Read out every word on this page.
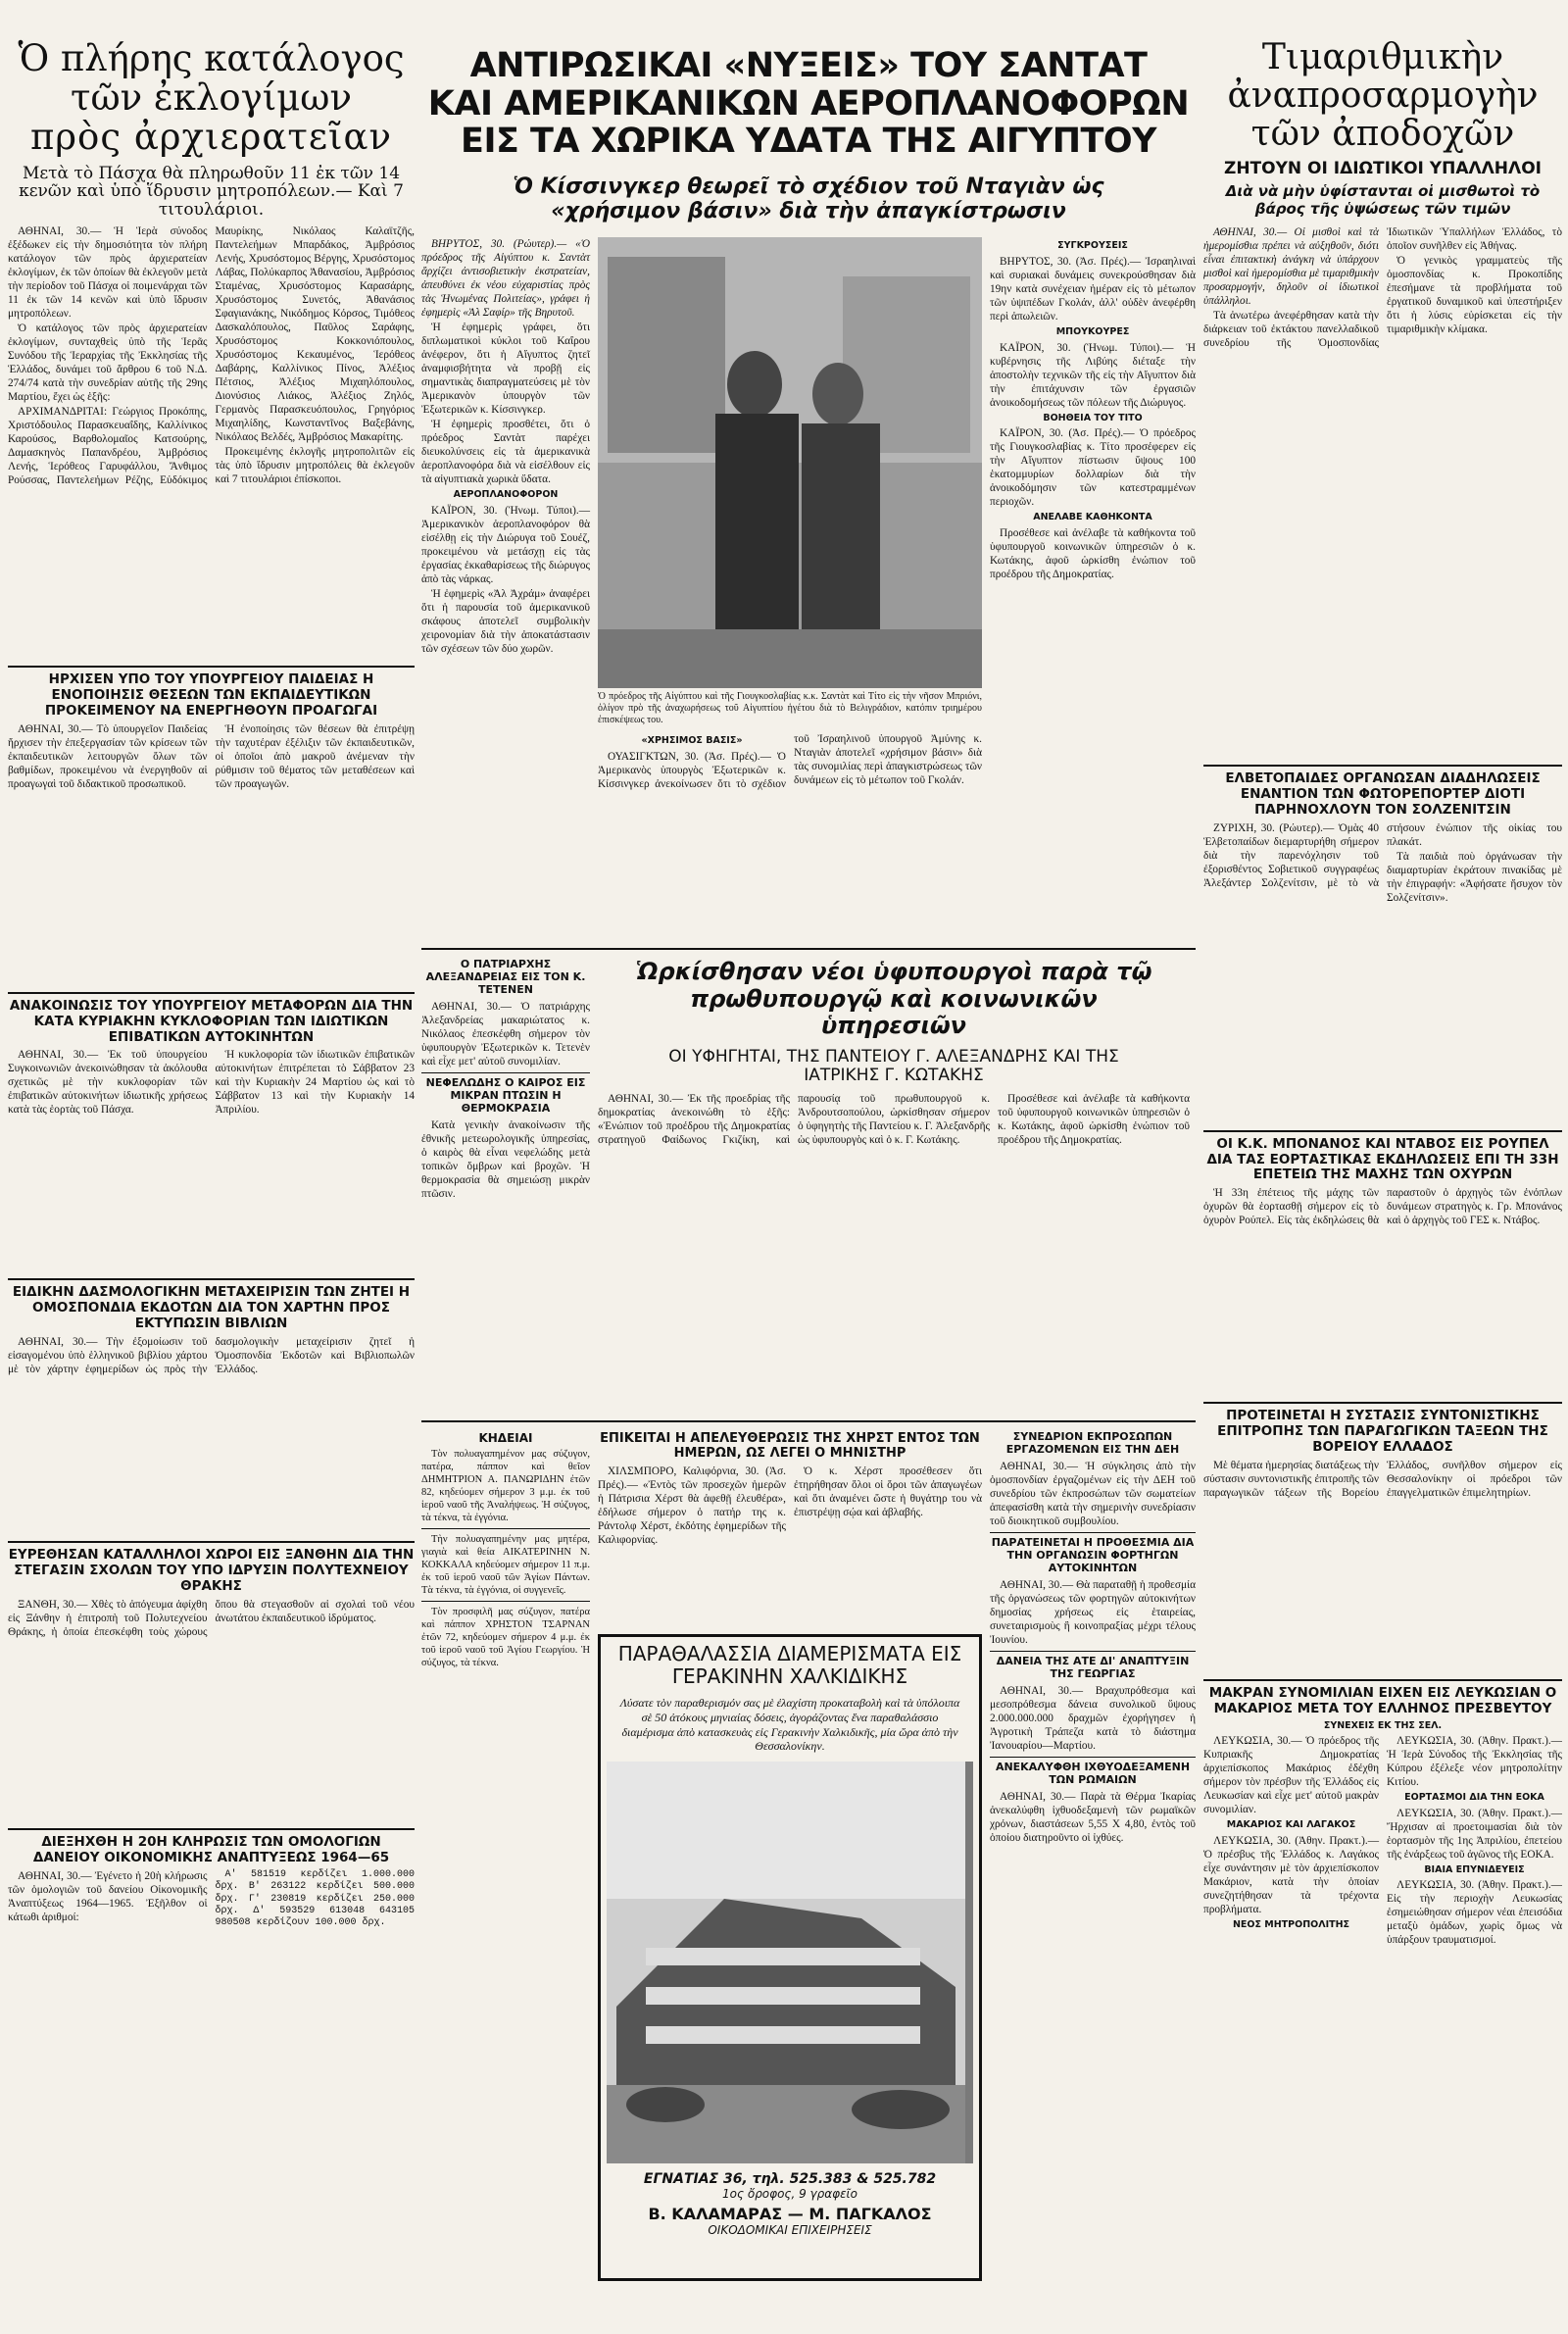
Ὁ πλήρης κατάλογος
τῶν ἐκλογίμων
πρὸς ἀρχιερατεῖαν
Μετὰ τὸ Πάσχα θὰ πληρωθοῦν 11 ἐκ τῶν 14 κενῶν καὶ ὑπὸ ἵδρυσιν μητροπόλεων.— Καὶ 7 τιτουλάριοι.

ΑΘΗΝΑΙ, 30.— Ἡ Ἱερὰ σύνοδος ἐξέδωκεν εἰς τὴν δημοσιότητα τὸν πλήρη κατάλογον τῶν πρὸς ἀρχιερατείαν ἐκλογίμων, ἐκ τῶν ὁποίων θὰ ἐκλεγοῦν μετὰ τὴν περίοδον τοῦ Πάσχα οἱ ποιμενάρχαι τῶν 11 ἐκ τῶν 14 κενῶν καὶ ὑπὸ ἵδρυσιν μητροπόλεων.

Ὁ κατάλογος τῶν πρὸς ἀρχιερατείαν ἐκλογίμων, συνταχθεὶς ὑπὸ τῆς Ἱερᾶς Συνόδου τῆς Ἱεραρχίας τῆς Ἐκκλησίας τῆς Ἑλλάδος, δυνάμει τοῦ ἄρθρου 6 τοῦ Ν.Δ. 274/74 κατὰ τὴν συνεδρίαν αὐτῆς τῆς 29ης Μαρτίου, ἔχει ὡς ἑξῆς:

ΑΡΧΙΜΑΝΔΡΙΤΑΙ: Γεώργιος Προκόπης, Χριστόδουλος Παρασκευαΐδης, Καλλίνικος Καρούσος, Βαρθολομαῖος Κατσούρης, Δαμασκηνὸς Παπανδρέου, Ἀμβρόσιος Λενής, Ἱερόθεος Γαρυφάλλου, Ἄνθιμος Ρούσσας, Παντελεήμων Ρέζης, Εὐδόκιμος Μαυρίκης, Νικόλαος Καλαϊτζῆς, Παντελεήμων Μπαρδάκος, Ἀμβρόσιος Λενής, Χρυσόστομος Βέργης, Χρυσόστομος Λάβας, Πολύκαρπος Ἀθανασίου, Ἀμβρόσιος Σταμένας, Χρυσόστομος Καρασάρης, Χρυσόστομος Συνετός, Ἀθανάσιος Σφαγιανάκης, Νικόδημος Κόρσος, Τιμόθεος Δασκαλόπουλος, Παῦλος Σαράφης, Χρυσόστομος Κοκκονιόπουλος, Χρυσόστομος Κεκαυμένος, Ἱερόθεος Δαβάρης, Καλλίνικος Πίνος, Ἀλέξιος Πέτσιος, Ἀλέξιος Μιχαηλόπουλος, Διονύσιος Λιάκος, Ἀλέξιος Ζηλός, Γερμανὸς Παρασκευόπουλος, Γρηγόριος Μιχαηλίδης, Κωνσταντῖνος Βαξεβάνης, Νικόλαος Βελδές, Ἀμβρόσιος Μακαρίτης.

Προκειμένης ἐκλογῆς μητροπολιτῶν εἰς τὰς ὑπὸ ἵδρυσιν μητροπόλεις θὰ ἐκλεγοῦν καὶ 7 τιτουλάριοι ἐπίσκοποι.

ΗΡΧΙΣΕΝ ΥΠΟ ΤΟΥ ΥΠΟΥΡΓΕΙΟΥ ΠΑΙΔΕΙΑΣ Η ΕΝΟΠΟΙΗΣΙΣ ΘΕΣΕΩΝ ΤΩΝ ΕΚΠΑΙΔΕΥΤΙΚΩΝ ΠΡΟΚΕΙΜΕΝΟΥ ΝΑ ΕΝΕΡΓΗΘΟΥΝ ΠΡΟΑΓΩΓΑΙ

ΑΘΗΝΑΙ, 30.— Τὸ ὑπουργεῖον Παιδείας ἤρχισεν τὴν ἐπεξεργασίαν τῶν κρίσεων τῶν ἐκπαιδευτικῶν λειτουργῶν ὅλων τῶν βαθμίδων, προκειμένου νὰ ἐνεργηθοῦν αἱ προαγωγαὶ τοῦ διδακτικοῦ προσωπικοῦ.

Ἡ ἐνοποίησις τῶν θέσεων θὰ ἐπιτρέψῃ τὴν ταχυτέραν ἐξέλιξιν τῶν ἐκπαιδευτικῶν, οἱ ὁποῖοι ἀπὸ μακροῦ ἀνέμεναν τὴν ρύθμισιν τοῦ θέματος τῶν μεταθέσεων καὶ τῶν προαγωγῶν.

ΑΝΑΚΟΙΝΩΣΙΣ ΤΟΥ ΥΠΟΥΡΓΕΙΟΥ ΜΕΤΑΦΟΡΩΝ ΔΙΑ ΤΗΝ ΚΑΤΑ ΚΥΡΙΑΚΗΝ ΚΥΚΛΟΦΟΡΙΑΝ ΤΩΝ ΙΔΙΩΤΙΚΩΝ ΕΠΙΒΑΤΙΚΩΝ ΑΥΤΟΚΙΝΗΤΩΝ

ΑΘΗΝΑΙ, 30.— Ἐκ τοῦ ὑπουργείου Συγκοινωνιῶν ἀνεκοινώθησαν τὰ ἀκόλουθα σχετικῶς μὲ τὴν κυκλοφορίαν τῶν ἐπιβατικῶν αὐτοκινήτων ἰδιωτικῆς χρήσεως κατὰ τὰς ἑορτὰς τοῦ Πάσχα.

Ἡ κυκλοφορία τῶν ἰδιωτικῶν ἐπιβατικῶν αὐτοκινήτων ἐπιτρέπεται τὸ Σάββατον 23 καὶ τὴν Κυριακὴν 24 Μαρτίου ὡς καὶ τὸ Σάββατον 13 καὶ τὴν Κυριακὴν 14 Ἀπριλίου.

ΕΙΔΙΚΗΝ ΔΑΣΜΟΛΟΓΙΚΗΝ ΜΕΤΑΧΕΙΡΙΣΙΝ ΤΩΝ ΖΗΤΕΙ Η ΟΜΟΣΠΟΝΔΙΑ ΕΚΔΟΤΩΝ ΔΙΑ ΤΟΝ ΧΑΡΤΗΝ ΠΡΟΣ ΕΚΤΥΠΩΣΙΝ ΒΙΒΛΙΩΝ

ΑΘΗΝΑΙ, 30.— Τὴν ἐξομοίωσιν τοῦ εἰσαγομένου ὑπὸ ἑλληνικοῦ βιβλίου χάρτου μὲ τὸν χάρτην ἐφημερίδων ὡς πρὸς τὴν δασμολογικὴν μεταχείρισιν ζητεῖ ἡ Ὁμοσπονδία Ἐκδοτῶν καὶ Βιβλιοπωλῶν Ἑλλάδος.

ΕΥΡΕΘΗΣΑΝ ΚΑΤΑΛΛΗΛΟΙ ΧΩΡΟΙ ΕΙΣ ΞΑΝΘΗΝ ΔΙΑ ΤΗΝ ΣΤΕΓΑΣΙΝ ΣΧΟΛΩΝ ΤΟΥ ΥΠΟ ΙΔΡΥΣΙΝ ΠΟΛΥΤΕΧΝΕΙΟΥ ΘΡΑΚΗΣ

ΞΑΝΘΗ, 30.— Χθὲς τὸ ἀπόγευμα ἀφίχθη εἰς Ξάνθην ἡ ἐπιτροπὴ τοῦ Πολυτεχνείου Θράκης, ἡ ὁποία ἐπεσκέφθη τοὺς χώρους ὅπου θὰ στεγασθοῦν αἱ σχολαὶ τοῦ νέου ἀνωτάτου ἐκπαιδευτικοῦ ἱδρύματος.

ΔΙΕΞΗΧΘΗ Η 20Η ΚΛΗΡΩΣΙΣ ΤΩΝ ΟΜΟΛΟΓΙΩΝ ΔΑΝΕΙΟΥ ΟΙΚΟΝΟΜΙΚΗΣ ΑΝΑΠΤΥΞΕΩΣ 1964—65

ΑΘΗΝΑΙ, 30.— Ἐγένετο ἡ 20ὴ κλήρωσις τῶν ὁμολογιῶν τοῦ δανείου Οἰκονομικῆς Ἀναπτύξεως 1964—1965. Ἐξῆλθον οἱ κάτωθι ἀριθμοί:

Α' 581519 κερδίζει 1.000.000 δρχ. Β' 263122 κερδίζει 500.000 δρχ. Γ' 230819 κερδίζει 250.000 δρχ. Δ' 593529 613048 643105 980508 κερδίζουν 100.000 δρχ.

ΑΝΤΙΡΩΣΙΚΑΙ «ΝΥΞΕΙΣ» ΤΟΥ ΣΑΝΤΑΤ
ΚΑΙ ΑΜΕΡΙΚΑΝΙΚΩΝ ΑΕΡΟΠΛΑΝΟΦΟΡΩΝ
ΕΙΣ ΤΑ ΧΩΡΙΚΑ ΥΔΑΤΑ ΤΗΣ ΑΙΓΥΠΤΟΥ
Ὁ Κίσσινγκερ θεωρεῖ τὸ σχέδιον τοῦ Νταγιὰν ὡς «χρήσιμον βάσιν» διὰ τὴν ἀπαγκίστρωσιν

ΒΗΡΥΤΟΣ, 30. (Ρώυτερ).— «Ὁ πρόεδρος τῆς Αἰγύπτου κ. Σαντὰτ ἄρχίζει ἀντισοβιετικὴν ἐκστρατείαν, ἀπευθύνει ἐκ νέου εὐχαριστίας πρὸς τὰς Ἡνωμένας Πολιτείας», γράφει ἡ ἐφημερὶς «Ἀλ Σαφίρ» τῆς Βηρυτοῦ.

Ἡ ἐφημερὶς γράφει, ὅτι διπλωματικοὶ κύκλοι τοῦ Καΐρου ἀνέφερον, ὅτι ἡ Αἴγυπτος ζητεῖ ἀναμφισβήτητα νὰ προβῇ εἰς σημαντικὰς διαπραγματεύσεις μὲ τὸν Ἀμερικανὸν ὑπουργὸν τῶν Ἐξωτερικῶν κ. Κίσσινγκερ.

Ἡ ἐφημερὶς προσθέτει, ὅτι ὁ πρόεδρος Σαντὰτ παρέχει διευκολύνσεις εἰς τὰ ἀμερικανικὰ ἀεροπλανοφόρα διὰ νὰ εἰσέλθουν εἰς τὰ αἰγυπτιακὰ χωρικὰ ὕδατα.

ΑΕΡΟΠΛΑΝΟΦΟΡΟΝ

ΚΑΪΡΟΝ, 30. (Ἡνωμ. Τύποι).— Ἀμερικανικὸν ἀεροπλανοφόρον θὰ εἰσέλθῃ εἰς τὴν Διώρυγα τοῦ Σουέζ, προκειμένου νὰ μετάσχῃ εἰς τὰς ἐργασίας ἐκκαθαρίσεως τῆς διώρυγος ἀπὸ τὰς νάρκας.

Ἡ ἐφημερὶς «Ἀλ Ἀχράμ» ἀναφέρει ὅτι ἡ παρουσία τοῦ ἀμερικανικοῦ σκάφους ἀποτελεῖ συμβολικὴν χειρονομίαν διὰ τὴν ἀποκατάστασιν τῶν σχέσεων τῶν δύο χωρῶν.

Ὁ πρόεδρος τῆς Αἰγύπτου καὶ τῆς Γιουγκοσλαβίας κ.κ. Σαντὰτ καὶ Τίτο εἰς τὴν νῆσον Μπριόνι, ὀλίγον πρὸ τῆς ἀναχωρήσεως τοῦ Αἰγυπτίου ἡγέτου διὰ τὸ Βελιγράδιον, κατόπιν τριημέρου ἐπισκέψεως του.
«ΧΡΗΣΙΜΟΣ ΒΑΣΙΣ»

ΟΥΑΣΙΓΚΤΩΝ, 30. (Ἀσ. Πρές).— Ὁ Ἀμερικανὸς ὑπουργὸς Ἐξωτερικῶν κ. Κίσσινγκερ ἀνεκοίνωσεν ὅτι τὸ σχέδιον τοῦ Ἰσραηλινοῦ ὑπουργοῦ Ἀμύνης κ. Νταγιὰν ἀποτελεῖ «χρήσιμον βάσιν» διὰ τὰς συνομιλίας περὶ ἀπαγκιστρώσεως τῶν δυνάμεων εἰς τὸ μέτωπον τοῦ Γκολάν.

ΣΥΓΚΡΟΥΣΕΙΣ

ΒΗΡΥΤΟΣ, 30. (Ἀσ. Πρές).— Ἰσραηλιναὶ καὶ συριακαὶ δυνάμεις συνεκρούσθησαν διὰ 19ην κατὰ συνέχειαν ἡμέραν εἰς τὸ μέτωπον τῶν ὑψιπέδων Γκολάν, ἀλλ' οὐδὲν ἀνεφέρθη περὶ ἀπωλειῶν.

ΜΠΟΥΚΟΥΡΕΣ

ΚΑΪΡΟΝ, 30. (Ἡνωμ. Τύποι).— Ἡ κυβέρνησις τῆς Λιβύης διέταξε τὴν ἀποστολὴν τεχνικῶν τῆς εἰς τὴν Αἴγυπτον διὰ τὴν ἐπιτάχυνσιν τῶν ἐργασιῶν ἀνοικοδομήσεως τῶν πόλεων τῆς Διώρυγος.

ΒΟΗΘΕΙΑ ΤΟΥ ΤΙΤΟ

ΚΑΪΡΟΝ, 30. (Ἀσ. Πρές).— Ὁ πρόεδρος τῆς Γιουγκοσλαβίας κ. Τίτο προσέφερεν εἰς τὴν Αἴγυπτον πίστωσιν ὕψους 100 ἑκατομμυρίων δολλαρίων διὰ τὴν ἀνοικοδόμησιν τῶν κατεστραμμένων περιοχῶν.

ΑΝΕΛΑΒΕ ΚΑΘΗΚΟΝΤΑ

Προσέθεσε καὶ ἀνέλαβε τὰ καθήκοντα τοῦ ὑφυπουργοῦ κοινωνικῶν ὑπηρεσιῶν ὁ κ. Κωτάκης, ἀφοῦ ὡρκίσθη ἐνώπιον τοῦ προέδρου τῆς Δημοκρατίας.

Ο ΠΑΤΡΙΑΡΧΗΣ ΑΛΕΞΑΝΔΡΕΙΑΣ ΕΙΣ ΤΟΝ Κ. ΤΕΤΕΝΕΝ

ΑΘΗΝΑΙ, 30.— Ὁ πατριάρχης Ἀλεξανδρείας μακαριώτατος κ. Νικόλαος ἐπεσκέφθη σήμερον τὸν ὑφυπουργὸν Ἐξωτερικῶν κ. Τετενὲν καὶ εἶχε μετ' αὐτοῦ συνομιλίαν.

ΝΕΦΕΛΩΔΗΣ Ο ΚΑΙΡΟΣ ΕΙΣ ΜΙΚΡΑΝ ΠΤΩΣΙΝ Η ΘΕΡΜΟΚΡΑΣΙΑ

Κατὰ γενικὴν ἀνακοίνωσιν τῆς ἐθνικῆς μετεωρολογικῆς ὑπηρεσίας, ὁ καιρὸς θὰ εἶναι νεφελώδης μετὰ τοπικῶν ὄμβρων καὶ βροχῶν. Ἡ θερμοκρασία θὰ σημειώσῃ μικρὰν πτῶσιν.

Ὡρκίσθησαν νέοι ὑφυπουργοὶ παρὰ τῷ πρωθυπουργῷ καὶ κοινωνικῶν ὑπηρεσιῶν
ΟΙ ΥΦΗΓΗΤΑΙ, ΤΗΣ ΠΑΝΤΕΙΟΥ Γ. ΑΛΕΞΑΝΔΡΗΣ ΚΑΙ ΤΗΣ ΙΑΤΡΙΚΗΣ Γ. ΚΩΤΑΚΗΣ

ΑΘΗΝΑΙ, 30.— Ἐκ τῆς προεδρίας τῆς δημοκρατίας ἀνεκοινώθη τὸ ἑξῆς: «Ἐνώπιον τοῦ προέδρου τῆς Δημοκρατίας στρατηγοῦ Φαίδωνος Γκιζίκη, καὶ παρουσίᾳ τοῦ πρωθυπουργοῦ κ. Ἀνδρουτσοπούλου, ὡρκίσθησαν σήμερον ὁ ὑφηγητὴς τῆς Παντείου κ. Γ. Ἀλεξανδρῆς ὡς ὑφυπουργὸς καὶ ὁ κ. Γ. Κωτάκης.

Προσέθεσε καὶ ἀνέλαβε τὰ καθήκοντα τοῦ ὑφυπουργοῦ κοινωνικῶν ὑπηρεσιῶν ὁ κ. Κωτάκης, ἀφοῦ ὡρκίσθη ἐνώπιον τοῦ προέδρου τῆς Δημοκρατίας.

ΚΗΔΕΙΑΙ

Τὸν πολυαγαπημένον μας σύζυγον, πατέρα, πάππον καὶ θεῖον ΔΗΜΗΤΡΙΟΝ Α. ΠΑΝΩΡΙΔΗΝ ἐτῶν 82, κηδεύομεν σήμερον 3 μ.μ. ἐκ τοῦ ἱεροῦ ναοῦ τῆς Ἀναλήψεως. Ἡ σύζυγος, τὰ τέκνα, τὰ ἐγγόνια.

Τὴν πολυαγαπημένην μας μητέρα, γιαγιὰ καὶ θεία ΑΙΚΑΤΕΡΙΝΗΝ Ν. ΚΟΚΚΑΛΑ κηδεύομεν σήμερον 11 π.μ. ἐκ τοῦ ἱεροῦ ναοῦ τῶν Ἁγίων Πάντων. Τὰ τέκνα, τὰ ἐγγόνια, οἱ συγγενεῖς.

Τὸν προσφιλῆ μας σύζυγον, πατέρα καὶ πάππον ΧΡΗΣΤΟΝ ΤΣΑΡΝΑΝ ἐτῶν 72, κηδεύομεν σήμερον 4 μ.μ. ἐκ τοῦ ἱεροῦ ναοῦ τοῦ Ἁγίου Γεωργίου. Ἡ σύζυγος, τὰ τέκνα.

ΕΠΙΚΕΙΤΑΙ Η ΑΠΕΛΕΥΘΕΡΩΣΙΣ ΤΗΣ ΧΗΡΣΤ ΕΝΤΟΣ ΤΩΝ ΗΜΕΡΩΝ, ΩΣ ΛΕΓΕΙ Ο ΜΗΝΙΣΤΗΡ

ΧΙΛΣΜΠΟΡΟ, Καλιφόρνια, 30. (Ἀσ. Πρές).— «Ἐντὸς τῶν προσεχῶν ἡμερῶν ἡ Πάτρισια Χέρστ θὰ ἀφεθῇ ἐλευθέρα», ἐδήλωσε σήμερον ὁ πατήρ της κ. Ράντολφ Χέρστ, ἐκδότης ἐφημερίδων τῆς Καλιφορνίας.

Ὁ κ. Χέρστ προσέθεσεν ὅτι ἐτηρήθησαν ὅλοι οἱ ὅροι τῶν ἀπαγωγέων καὶ ὅτι ἀναμένει ὥστε ἡ θυγάτηρ του νὰ ἐπιστρέψῃ σῴα καὶ ἀβλαβής.

ΠΑΡΑΘΑΛΑΣΣΙΑ ΔΙΑΜΕΡΙΣΜΑΤΑ ΕΙΣ ΓΕΡΑΚΙΝΗΝ ΧΑΛΚΙΔΙΚΗΣ
Λύσατε τὸν παραθερισμόν σας μὲ ἐλαχίστη προκαταβολὴ καὶ τὰ ὑπόλοιπα σὲ 50 ἀτόκους μηνιαίας δόσεις, ἀγοράζοντας ἕνα παραθαλάσσιο διαμέρισμα ἀπὸ κατασκευὰς εἰς Γερακινὴν Χαλκιδικῆς, μία ὥρα ἀπὸ τὴν Θεσσαλονίκην.
ΕΓΝΑΤΙΑΣ 36, τηλ. 525.383 & 525.782
1ος ὄροφος, 9 γραφεῖο
Β. ΚΑΛΑΜΑΡΑΣ — Μ. ΠΑΓΚΑΛΟΣ
ΟΙΚΟΔΟΜΙΚΑΙ ΕΠΙΧΕΙΡΗΣΕΙΣ
ΣΥΝΕΔΡΙΟΝ ΕΚΠΡΟΣΩΠΩΝ ΕΡΓΑΖΟΜΕΝΩΝ ΕΙΣ ΤΗΝ ΔΕΗ

ΑΘΗΝΑΙ, 30.— Ἡ σύγκλησις ἀπὸ τὴν ὁμοσπονδίαν ἐργαζομένων εἰς τὴν ΔΕΗ τοῦ συνεδρίου τῶν ἐκπροσώπων τῶν σωματείων ἀπεφασίσθη κατὰ τὴν σημερινὴν συνεδρίασιν τοῦ διοικητικοῦ συμβουλίου.

ΠΑΡΑΤΕΙΝΕΤΑΙ Η ΠΡΟΘΕΣΜΙΑ ΔΙΑ ΤΗΝ ΟΡΓΑΝΩΣΙΝ ΦΟΡΤΗΓΩΝ ΑΥΤΟΚΙΝΗΤΩΝ

ΑΘΗΝΑΙ, 30.— Θὰ παραταθῇ ἡ προθεσμία τῆς ὀργανώσεως τῶν φορτηγῶν αὐτοκινήτων δημοσίας χρήσεως εἰς ἑταιρείας, συνεταιρισμοὺς ἢ κοινοπραξίας μέχρι τέλους Ἰουνίου.

ΔΑΝΕΙΑ ΤΗΣ ΑΤΕ ΔΙ' ΑΝΑΠΤΥΞΙΝ ΤΗΣ ΓΕΩΡΓΙΑΣ

ΑΘΗΝΑΙ, 30.— Βραχυπρόθεσμα καὶ μεσοπρόθεσμα δάνεια συνολικοῦ ὕψους 2.000.000.000 δραχμῶν ἐχορήγησεν ἡ Ἀγροτικὴ Τράπεζα κατὰ τὸ διάστημα Ἰανουαρίου—Μαρτίου.

ΑΝΕΚΑΛΥΦΘΗ ΙΧΘΥΟΔΕΞΑΜΕΝΗ ΤΩΝ ΡΩΜΑΙΩΝ

ΑΘΗΝΑΙ, 30.— Παρὰ τὰ Θέρμα Ἰκαρίας ἀνεκαλύφθη ἰχθυοδεξαμενὴ τῶν ρωμαϊκῶν χρόνων, διαστάσεων 5,55 Χ 4,80, ἐντὸς τοῦ ὁποίου διατηροῦντο οἱ ἰχθύες.

Τιμαριθμικὴν
ἀναπροσαρμογὴν
τῶν ἀποδοχῶν
ΖΗΤΟΥΝ ΟΙ ΙΔΙΩΤΙΚΟΙ ΥΠΑΛΛΗΛΟΙ
Διὰ νὰ μὴν ὑφίστανται οἱ μισθωτοὶ τὸ βάρος τῆς ὑψώσεως τῶν τιμῶν

ΑΘΗΝΑΙ, 30.— Οἱ μισθοὶ καὶ τὰ ἡμερομίσθια πρέπει νὰ αὐξηθοῦν, διότι εἶναι ἐπιτακτικὴ ἀνάγκη νὰ ὑπάρχουν μισθοὶ καὶ ἡμερομίσθια μὲ τιμαριθμικὴν προσαρμογήν, δηλοῦν οἱ ἰδιωτικοὶ ὑπάλληλοι.

Τὰ ἀνωτέρω ἀνεφέρθησαν κατὰ τὴν διάρκειαν τοῦ ἐκτάκτου πανελλαδικοῦ συνεδρίου τῆς Ὁμοσπονδίας Ἰδιωτικῶν Ὑπαλλήλων Ἑλλάδος, τὸ ὁποῖον συνῆλθεν εἰς Ἀθήνας.

Ὁ γενικὸς γραμματεὺς τῆς ὁμοσπονδίας κ. Προκοπίδης ἐπεσήμανε τὰ προβλήματα τοῦ ἐργατικοῦ δυναμικοῦ καὶ ὑπεστήριξεν ὅτι ἡ λύσις εὑρίσκεται εἰς τὴν τιμαριθμικὴν κλίμακα.

ΕΛΒΕΤΟΠΑΙΔΕΣ ΟΡΓΑΝΩΣΑΝ ΔΙΑΔΗΛΩΣΕΙΣ ΕΝΑΝΤΙΟΝ ΤΩΝ ΦΩΤΟΡΕΠΟΡΤΕΡ ΔΙΟΤΙ ΠΑΡΗΝΟΧΛΟΥΝ ΤΟΝ ΣΟΛΖΕΝΙΤΣΙΝ

ΖΥΡΙΧΗ, 30. (Ρώυτερ).— Ὁμὰς 40 Ἑλβετοπαίδων διεμαρτυρήθη σήμερον διὰ τὴν παρενόχλησιν τοῦ ἐξορισθέντος Σοβιετικοῦ συγγραφέως Ἀλεξάντερ Σολζενίτσιν, μὲ τὸ νὰ στήσουν ἐνώπιον τῆς οἰκίας του πλακάτ.

Τὰ παιδιὰ ποὺ ὀργάνωσαν τὴν διαμαρτυρίαν ἐκράτουν πινακίδας μὲ τὴν ἐπιγραφήν: «Ἀφήσατε ἥσυχον τὸν Σολζενίτσιν».

ΟΙ Κ.Κ. ΜΠΟΝΑΝΟΣ ΚΑΙ ΝΤΑΒΟΣ ΕΙΣ ΡΟΥΠΕΛ ΔΙΑ ΤΑΣ ΕΟΡΤΑΣΤΙΚΑΣ ΕΚΔΗΛΩΣΕΙΣ ΕΠΙ ΤΗ 33Η ΕΠΕΤΕΙΩ ΤΗΣ ΜΑΧΗΣ ΤΩΝ ΟΧΥΡΩΝ

Ἡ 33η ἐπέτειος τῆς μάχης τῶν ὀχυρῶν θὰ ἑορτασθῇ σήμερον εἰς τὸ ὀχυρὸν Ρούπελ. Εἰς τὰς ἐκδηλώσεις θὰ παραστοῦν ὁ ἀρχηγὸς τῶν ἐνόπλων δυνάμεων στρατηγὸς κ. Γρ. Μπονάνος καὶ ὁ ἀρχηγὸς τοῦ ΓΕΣ κ. Ντάβος.

ΠΡΟΤΕΙΝΕΤΑΙ Η ΣΥΣΤΑΣΙΣ ΣΥΝΤΟΝΙΣΤΙΚΗΣ ΕΠΙΤΡΟΠΗΣ ΤΩΝ ΠΑΡΑΓΩΓΙΚΩΝ ΤΑΞΕΩΝ ΤΗΣ ΒΟΡΕΙΟΥ ΕΛΛΑΔΟΣ

Μὲ θέματα ἡμερησίας διατάξεως τὴν σύστασιν συντονιστικῆς ἐπιτροπῆς τῶν παραγωγικῶν τάξεων τῆς Βορείου Ἑλλάδος, συνῆλθον σήμερον εἰς Θεσσαλονίκην οἱ πρόεδροι τῶν ἐπαγγελματικῶν ἐπιμελητηρίων.

ΜΑΚΡΑΝ ΣΥΝΟΜΙΛΙΑΝ ΕΙΧΕΝ ΕΙΣ ΛΕΥΚΩΣΙΑΝ Ο ΜΑΚΑΡΙΟΣ ΜΕΤΑ ΤΟΥ ΕΛΛΗΝΟΣ ΠΡΕΣΒΕΥΤΟΥ
ΣΥΝΕΧΕΙΣ ΕΚ ΤΗΣ ΣΕΛ.

ΛΕΥΚΩΣΙΑ, 30.— Ὁ πρόεδρος τῆς Κυπριακῆς Δημοκρατίας ἀρχιεπίσκοπος Μακάριος ἐδέχθη σήμερον τὸν πρέσβυν τῆς Ἑλλάδος εἰς Λευκωσίαν καὶ εἶχε μετ' αὐτοῦ μακρὰν συνομιλίαν.

ΜΑΚΑΡΙΟΣ ΚΑΙ ΛΑΓΑΚΟΣ

ΛΕΥΚΩΣΙΑ, 30. (Ἀθην. Πρακτ.).— Ὁ πρέσβυς τῆς Ἑλλάδος κ. Λαγάκος εἶχε συνάντησιν μὲ τὸν ἀρχιεπίσκοπον Μακάριον, κατὰ τὴν ὁποίαν συνεζητήθησαν τὰ τρέχοντα προβλήματα.

ΝΕΟΣ ΜΗΤΡΟΠΟΛΙΤΗΣ

ΛΕΥΚΩΣΙΑ, 30. (Ἀθην. Πρακτ.).— Ἡ Ἱερὰ Σύνοδος τῆς Ἐκκλησίας τῆς Κύπρου ἐξέλεξε νέον μητροπολίτην Κιτίου.

ΕΟΡΤΑΣΜΟΙ ΔΙΑ ΤΗΝ ΕΟΚΑ

ΛΕΥΚΩΣΙΑ, 30. (Ἀθην. Πρακτ.).— Ἤρχισαν αἱ προετοιμασίαι διὰ τὸν ἑορτασμὸν τῆς 1ης Ἀπριλίου, ἐπετείου τῆς ἐνάρξεως τοῦ ἀγῶνος τῆς ΕΟΚΑ.

ΒΙΑΙΑ ΕΠΥΝΙΔΕΥΕΙΣ

ΛΕΥΚΩΣΙΑ, 30. (Ἀθην. Πρακτ.).— Εἰς τὴν περιοχὴν Λευκωσίας ἐσημειώθησαν σήμερον νέαι ἐπεισόδια μεταξὺ ὁμάδων, χωρὶς ὅμως νὰ ὑπάρξουν τραυματισμοί.
